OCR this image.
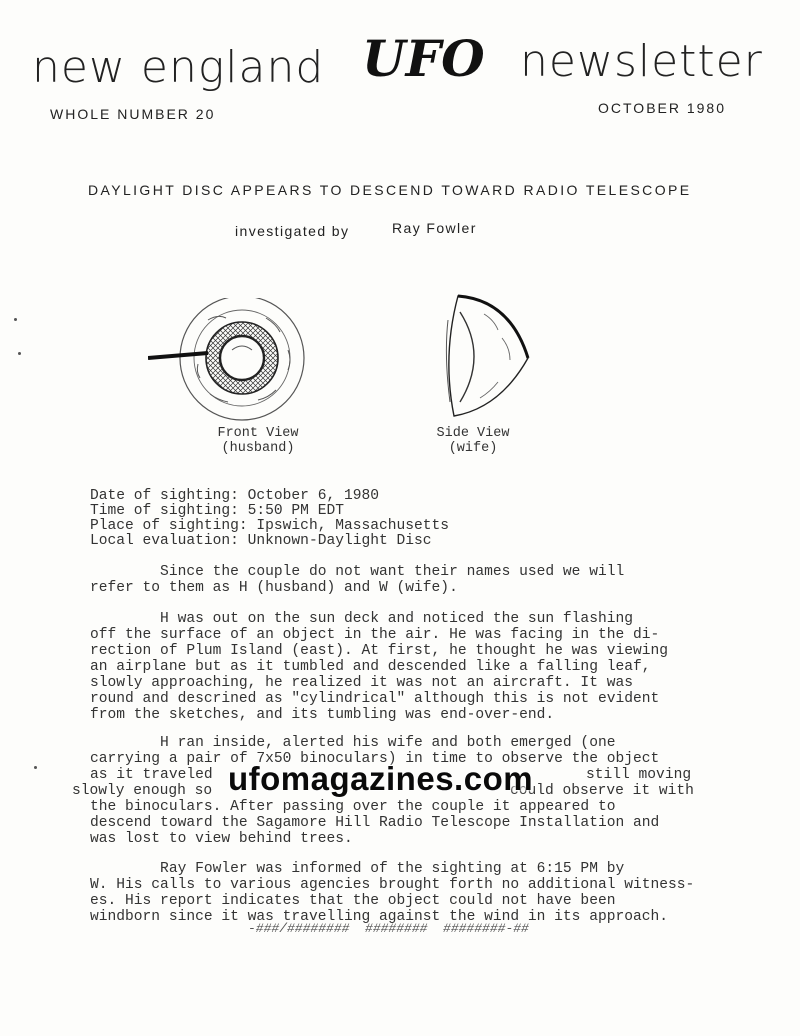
new england UFO newsletter
WHOLE NUMBER 20	OCTOBER 1980
DAYLIGHT DISC APPEARS TO DESCEND TOWARD RADIO TELESCOPE
investigated by	Ray Fowler
Front View
(husband)
Side View
(wife)
Date of sighting: October 6, 1980
Time of sighting: 5:50 PM EDT
Place of sighting: Ipswich, Massachusetts
Local evaluation: Unknown-Daylight Disc
Since the couple do not want their names used we will
refer to them as H (husband) and W (wife).
H was out on the sun deck and noticed the sun flashing
off the surface of an object in the air. He was facing in the di-
rection of Plum Island (east). At first, he thought he was viewing
an airplane but as it tumbled and descended like a falling leaf,
slowly approaching, he realized it was not an aircraft. It was
round and descrined as "cylindrical" although this is not evident
from the sketches, and its tumbling was end-over-end.
H ran inside, alerted his wife and both emerged (one
carrying a pair of 7x50 binoculars) in time to observe the object
as it traveled	still moving
slowly enough so	could observe it with
the binoculars. After passing over the couple it appeared to
descend toward the Sagamore Hill Radio Telescope Installation and
was lost to view behind trees.
ufomagazines.com
Ray Fowler was informed of the sighting at 6:15 PM by
W. His calls to various agencies brought forth no additional witness-
es. His report indicates that the object could not have been
windborn since it was travelling against the wind in its approach.
-###/########  ########  ########-##
